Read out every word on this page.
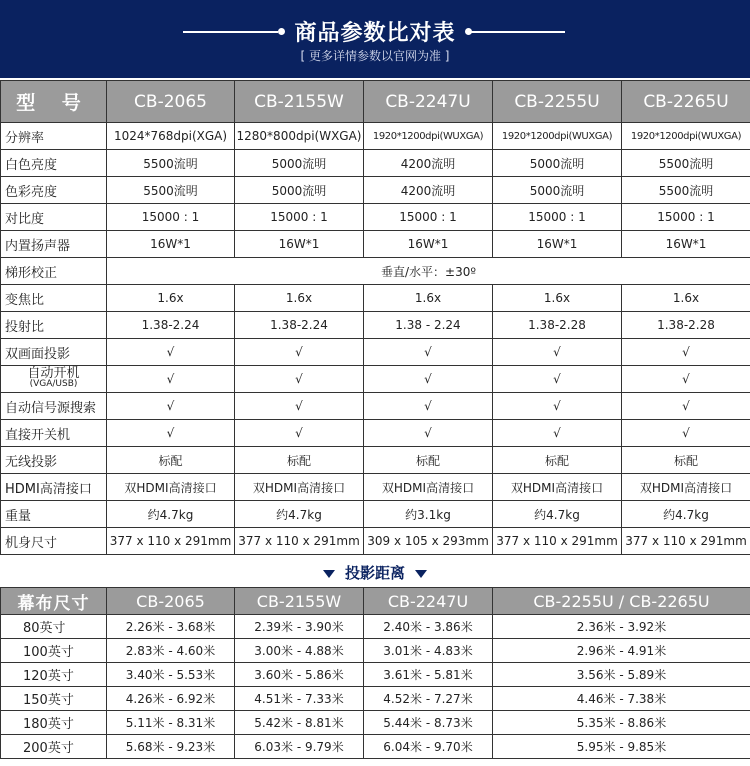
商品参数比对表
[ 更多详情参数以官网为准 ]
型 号	CB-2065	CB-2155W	CB-2247U	CB-2255U	CB-2265U
分辨率	1024*768dpi(XGA)	1280*800dpi(WXGA)	1920*1200dpi(WUXGA)	1920*1200dpi(WUXGA)	1920*1200dpi(WUXGA)
白色亮度	5500流明	5000流明	4200流明	5000流明	5500流明
色彩亮度	5500流明	5000流明	4200流明	5000流明	5500流明
对比度	15000 : 1	15000 : 1	15000 : 1	15000 : 1	15000 : 1
内置扬声器	16W*1	16W*1	16W*1	16W*1	16W*1
梯形校正	垂直/水平：±30º				
变焦比	1.6x	1.6x	1.6x	1.6x	1.6x
投射比	1.38-2.24	1.38-2.24	1.38 - 2.24	1.38-2.28	1.38-2.28
双画面投影	√	√	√	√	√

自动开机
(VGA/USB)	√	√	√	√	√
自动信号源搜索	√	√	√	√	√
直接开关机	√	√	√	√	√
无线投影	标配	标配	标配	标配	标配
HDMI高清接口	双HDMI高清接口	双HDMI高清接口	双HDMI高清接口	双HDMI高清接口	双HDMI高清接口
重量	约4.7kg	约4.7kg	约3.1kg	约4.7kg	约4.7kg
机身尺寸	377 x 110 x 291mm	377 x 110 x 291mm	309 x 105 x 293mm	377 x 110 x 291mm	377 x 110 x 291mm
投影距离
幕布尺寸	CB-2065	CB-2155W	CB-2247U	CB-2255U / CB-2265U
80英寸	2.26米 - 3.68米	2.39米 - 3.90米	2.40米 - 3.86米	2.36米 - 3.92米
100英寸	2.83米 - 4.60米	3.00米 - 4.88米	3.01米 - 4.83米	2.96米 - 4.91米
120英寸	3.40米 - 5.53米	3.60米 - 5.86米	3.61米 - 5.81米	3.56米 - 5.89米
150英寸	4.26米 - 6.92米	4.51米 - 7.33米	4.52米 - 7.27米	4.46米 - 7.38米
180英寸	5.11米 - 8.31米	5.42米 - 8.81米	5.44米 - 8.73米	5.35米 - 8.86米
200英寸	5.68米 - 9.23米	6.03米 - 9.79米	6.04米 - 9.70米	5.95米 - 9.85米
